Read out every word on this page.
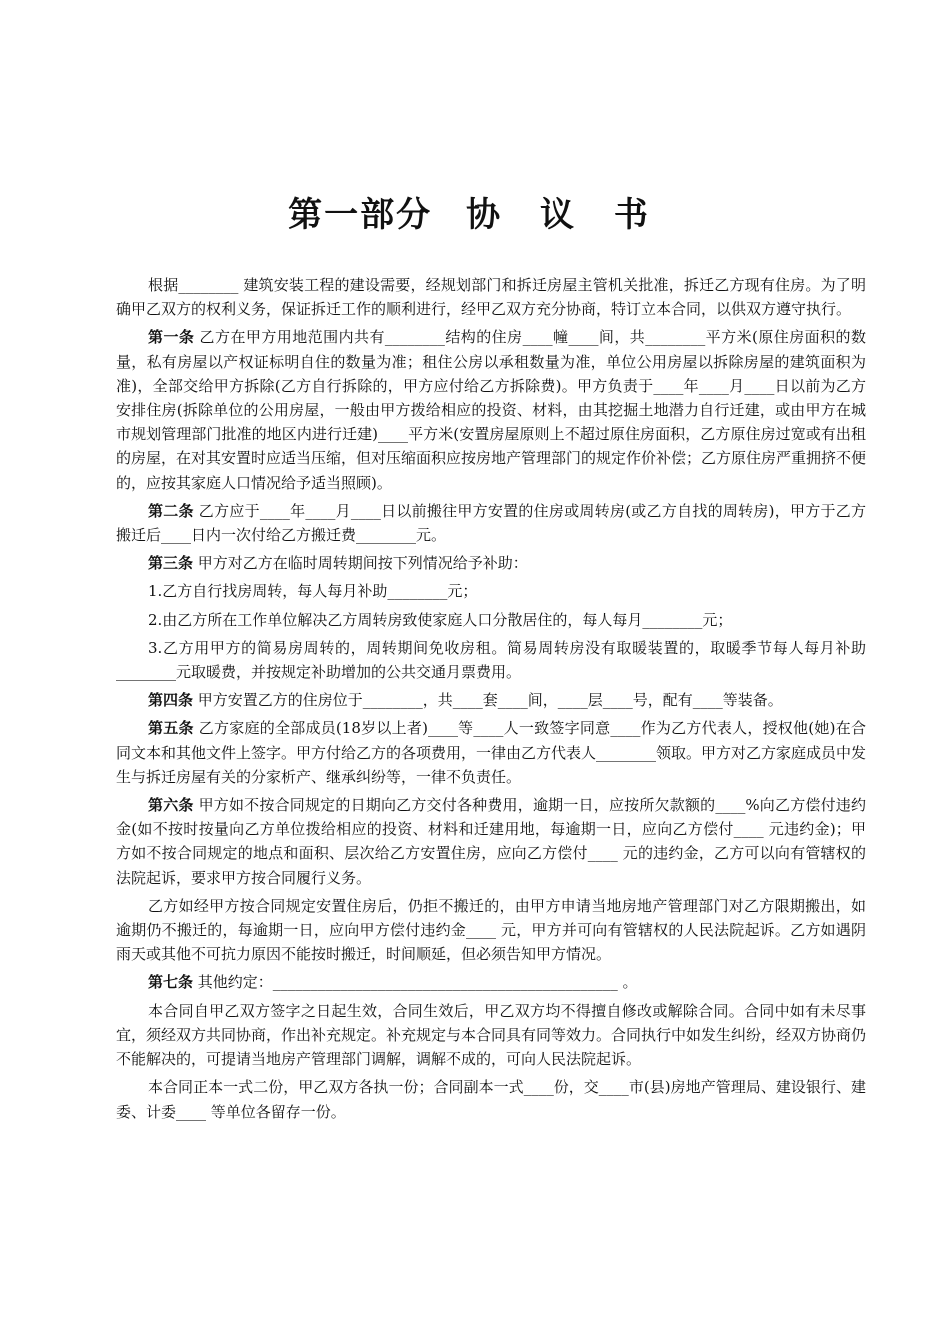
第一部分 协 议 书

根据________ 建筑安装工程的建设需要，经规划部门和拆迁房屋主管机关批准，拆迁乙方现有住房。为了明确甲乙双方的权利义务，保证拆迁工作的顺利进行，经甲乙双方充分协商，特订立本合同，以供双方遵守执行。

第一条 乙方在甲方用地范围内共有________结构的住房____幢____间，共________平方米(原住房面积的数量，私有房屋以产权证标明自住的数量为准；租住公房以承租数量为准，单位公用房屋以拆除房屋的建筑面积为准)，全部交给甲方拆除(乙方自行拆除的，甲方应付给乙方拆除费)。甲方负责于____年____月____日以前为乙方安排住房(拆除单位的公用房屋，一般由甲方拨给相应的投资、材料，由其挖掘土地潜力自行迁建，或由甲方在城市规划管理部门批准的地区内进行迁建)____平方米(安置房屋原则上不超过原住房面积，乙方原住房过宽或有出租的房屋，在对其安置时应适当压缩，但对压缩面积应按房地产管理部门的规定作价补偿；乙方原住房严重拥挤不便的，应按其家庭人口情况给予适当照顾)。

第二条 乙方应于____年____月____日以前搬往甲方安置的住房或周转房(或乙方自找的周转房)，甲方于乙方搬迁后____日内一次付给乙方搬迁费________元。

第三条 甲方对乙方在临时周转期间按下列情况给予补助：

1.乙方自行找房周转，每人每月补助________元；

2.由乙方所在工作单位解决乙方周转房致使家庭人口分散居住的，每人每月________元；

3.乙方用甲方的简易房周转的，周转期间免收房租。简易周转房没有取暖装置的，取暖季节每人每月补助________元取暖费，并按规定补助增加的公共交通月票费用。

第四条 甲方安置乙方的住房位于________，共____套____间，____层____号，配有____等装备。

第五条 乙方家庭的全部成员(18岁以上者)____等____人一致签字同意____作为乙方代表人，授权他(她)在合同文本和其他文件上签字。甲方付给乙方的各项费用，一律由乙方代表人________领取。甲方对乙方家庭成员中发生与拆迁房屋有关的分家析产、继承纠纷等，一律不负责任。

第六条 甲方如不按合同规定的日期向乙方交付各种费用，逾期一日，应按所欠款额的____%向乙方偿付违约金(如不按时按量向乙方单位拨给相应的投资、材料和迁建用地，每逾期一日，应向乙方偿付____ 元违约金)；甲方如不按合同规定的地点和面积、层次给乙方安置住房，应向乙方偿付____ 元的违约金，乙方可以向有管辖权的法院起诉，要求甲方按合同履行义务。

乙方如经甲方按合同规定安置住房后，仍拒不搬迁的，由甲方申请当地房地产管理部门对乙方限期搬出，如逾期仍不搬迁的，每逾期一日，应向甲方偿付违约金____ 元，甲方并可向有管辖权的人民法院起诉。乙方如遇阴雨天或其他不可抗力原因不能按时搬迁，时间顺延，但必须告知甲方情况。

第七条 其他约定：______________________________________________ 。

本合同自甲乙双方签字之日起生效，合同生效后，甲乙双方均不得擅自修改或解除合同。合同中如有未尽事宜，须经双方共同协商，作出补充规定。补充规定与本合同具有同等效力。合同执行中如发生纠纷，经双方协商仍不能解决的，可提请当地房产管理部门调解，调解不成的，可向人民法院起诉。

本合同正本一式二份，甲乙双方各执一份；合同副本一式____份，交____市(县)房地产管理局、建设银行、建委、计委____ 等单位各留存一份。
